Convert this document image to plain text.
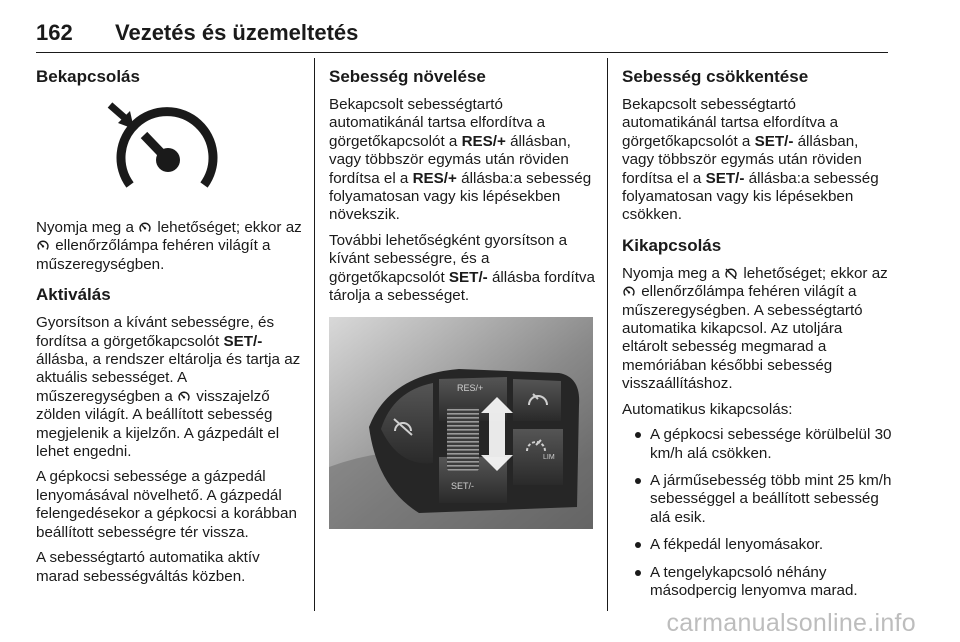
162 Vezetés és üzemeltetés
Bekapcsolás

Nyomja meg a  lehetőséget; ekkor az  ellenőrzőlámpa fehéren világít a műszeregységben.

Aktiválás

Gyorsítson a kívánt sebességre, és fordítsa a görgetőkapcsolót SET/- állásba, a rendszer eltárolja és tartja az aktuális sebességet. A műszeregységben a  visszajelző zölden világít. A beállított sebesség megjelenik a kijelzőn. A gázpedált el lehet engedni.

A gépkocsi sebessége a gázpedál lenyomásával növelhető. A gázpedál felengedésekor a gépkocsi a korábban beállított sebességre tér vissza.

A sebességtartó automatika aktív marad sebességváltás közben.

Sebesség növelése

Bekapcsolt sebességtartó automatikánál tartsa elfordítva a görgetőkapcsolót a RES/+ állásban, vagy többször egymás után röviden fordítsa el a RES/+ állásba:a sebesség folyamatosan vagy kis lépésekben növekszik.

További lehetőségként gyorsítson a kívánt sebességre, és a görgetőkapcsolót SET/- állásba fordítva tárolja a sebességet.

RES/+
SET/-
LIM
Sebesség csökkentése

Bekapcsolt sebességtartó automatikánál tartsa elfordítva a görgetőkapcsolót a SET/- állásban, vagy többször egymás után röviden fordítsa el a SET/- állásba:a sebesség folyamatosan vagy kis lépésekben csökken.

Kikapcsolás

Nyomja meg a  lehetőséget; ekkor az  ellenőrzőlámpa fehéren világít a műszeregységben. A sebességtartó automatika kikapcsol. Az utoljára eltárolt sebesség megmarad a memóriában későbbi sebesség visszaállításhoz.

Automatikus kikapcsolás:

A gépkocsi sebessége körülbelül 30 km/h alá csökken.
A járműsebesség több mint 25 km/h sebességgel a beállított sebesség alá esik.
A fékpedál lenyomásakor.
A tengelykapcsoló néhány másodpercig lenyomva marad.
carmanualsonline.info
